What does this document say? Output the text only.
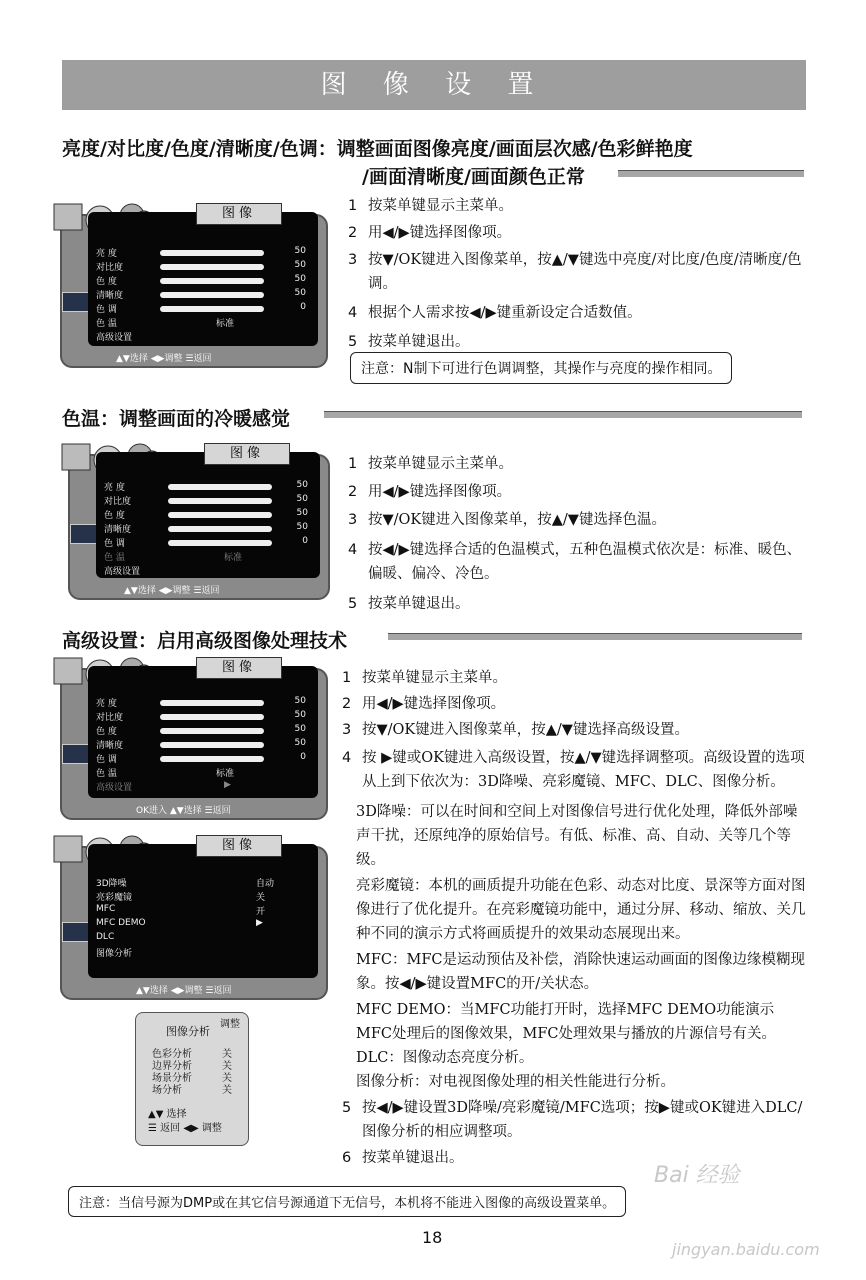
图 像 设 置
亮度/对比度/色度/清晰度/色调：调整画面图像亮度/画面层次感/色彩鲜艳度
/画面清晰度/画面颜色正常
图像
亮 度	50
对比度	50
色 度	50
清晰度	50
色 调	0
色 温	标准
高级设置
▲▼选择 ◀▶调整 ☰返回
1 按菜单键显示主菜单。
2 用◀/▶键选择图像项。
3 按▼/OK键进入图像菜单，按▲/▼键选中亮度/对比度/色度/清晰度/色调。
4 根据个人需求按◀/▶键重新设定合适数值。
5 按菜单键退出。
注意：N制下可进行色调调整，其操作与亮度的操作相同。
色温：调整画面的冷暖感觉
图像
亮 度	50
对比度	50
色 度	50
清晰度	50
色 调	0
色 温	标准
高级设置
▲▼选择 ◀▶调整 ☰返回
1 按菜单键显示主菜单。
2 用◀/▶键选择图像项。
3 按▼/OK键进入图像菜单，按▲/▼键选择色温。
4 按◀/▶键选择合适的色温模式，五种色温模式依次是：标准、暖色、偏暖、偏冷、冷色。
5 按菜单键退出。
高级设置：启用高级图像处理技术
图像
亮 度	50
对比度	50
色 度	50
清晰度	50
色 调	0
色 温	标准
高级设置	▶
OK进入 ▲▼选择 ☰返回
图像
3D降噪	自动
亮彩魔镜	关
MFC	开
MFC DEMO	▶
DLC
图像分析
▲▼选择 ◀▶调整 ☰返回
图像分析
调整
色彩分析	关
边界分析	关
场景分析	关
场分析	关
▲▼ 选择
☰ 返回 ◀▶ 调整
1 按菜单键显示主菜单。
2 用◀/▶键选择图像项。
3 按▼/OK键进入图像菜单，按▲/▼键选择高级设置。
4 按 ▶键或OK键进入高级设置，按▲/▼键选择调整项。高级设置的选项从上到下依次为：3D降噪、亮彩魔镜、MFC、DLC、图像分析。
3D降噪：可以在时间和空间上对图像信号进行优化处理，降低外部噪声干扰，还原纯净的原始信号。有低、标准、高、自动、关等几个等级。
亮彩魔镜：本机的画质提升功能在色彩、动态对比度、景深等方面对图像进行了优化提升。在亮彩魔镜功能中，通过分屏、移动、缩放、关几种不同的演示方式将画质提升的效果动态展现出来。
MFC：MFC是运动预估及补偿，消除快速运动画面的图像边缘模糊现象。按◀/▶键设置MFC的开/关状态。
MFC DEMO：当MFC功能打开时，选择MFC DEMO功能演示MFC处理后的图像效果，MFC处理效果与播放的片源信号有关。
DLC：图像动态亮度分析。
图像分析：对电视图像处理的相关性能进行分析。
5 按◀/▶键设置3D降噪/亮彩魔镜/MFC选项；按▶键或OK键进入DLC/图像分析的相应调整项。
6 按菜单键退出。
注意：当信号源为DMP或在其它信号源通道下无信号，本机将不能进入图像的高级设置菜单。
18
Bai 经验
jingyan.baidu.com
